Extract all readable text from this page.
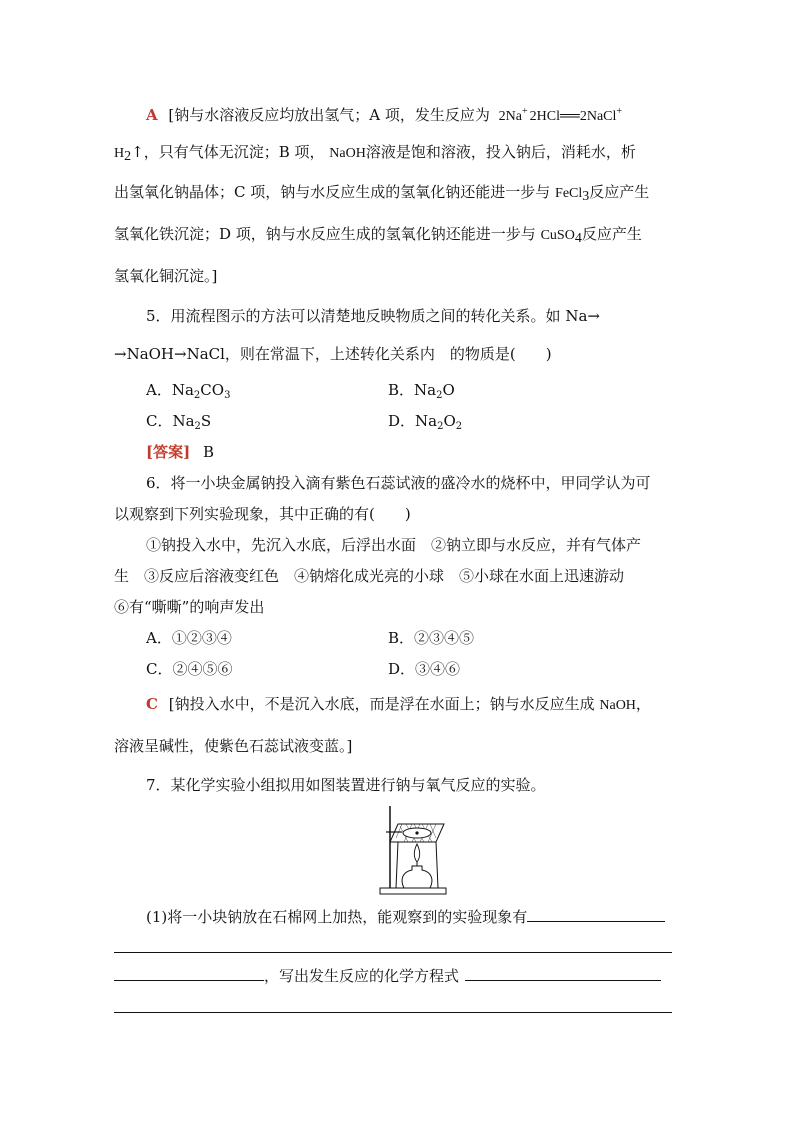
A [钠与水溶液反应均放出氢气；A 项，发生反应为 2Na+ 2HCl══2NaCl+
H2↑，只有气体无沉淀；B 项， NaOH溶液是饱和溶液，投入钠后，消耗水，析
出氢氧化钠晶体；C 项，钠与水反应生成的氢氧化钠还能进一步与 FeCl3反应产生
氢氧化铁沉淀；D 项，钠与水反应生成的氢氧化钠还能进一步与 CuSO4反应产生
氢氧化铜沉淀。]
5．用流程图示的方法可以清楚地反映物质之间的转化关系。如 Na→
→NaOH→NaCl，则在常温下，上述转化关系内　的物质是(　　)
A．$Na_2CO_3$	B．$Na_2O$
C．$Na_2S$	D．$Na_2O_2$
[答案] B
6．将一小块金属钠投入滴有紫色石蕊试液的盛冷水的烧杯中，甲同学认为可
以观察到下列实验现象，其中正确的有(　　)
①钠投入水中，先沉入水底，后浮出水面　②钠立即与水反应，并有气体产
生　③反应后溶液变红色　④钠熔化成光亮的小球　⑤小球在水面上迅速游动
⑥有“嘶嘶”的响声发出
A．①②③④	B．②③④⑤
C．②④⑤⑥	D．③④⑥
C [钠投入水中，不是沉入水底，而是浮在水面上；钠与水反应生成 NaOH，
溶液呈碱性，使紫色石蕊试液变蓝。]
7．某化学实验小组拟用如图装置进行钠与氧气反应的实验。
(1)将一小块钠放在石棉网上加热，能观察到的实验现象有
，写出发生反应的化学方程式
